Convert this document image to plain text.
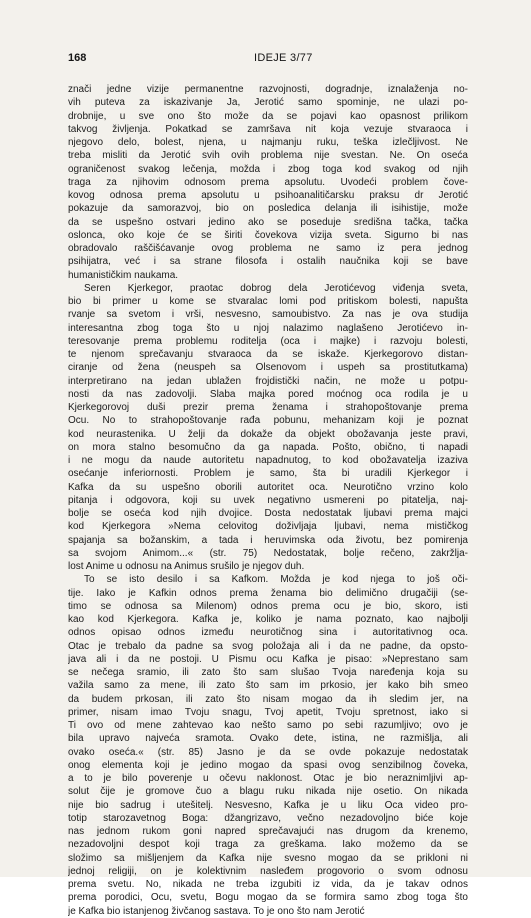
168	IDEJE 3/77
znači jedne vizije permanentne razvojnosti, dogradnje, iznalaženja no-
vih puteva za iskazivanje Ja, Jerotić samo spominje, ne ulazi po-
drobnije, u sve ono što može da se pojavi kao opasnost prilikom
takvog življenja. Pokatkad se zamršava nit koja vezuje stvaraoca i
njegovo delo, bolest, njena, u najmanju ruku, teška izlečljivost. Ne
treba misliti da Jerotić svih ovih problema nije svestan. Ne. On oseća
ograničenost svakog lečenja, možda i zbog toga kod svakog od njih
traga za njihovim odnosom prema apsolutu. Uvodeći problem čove-
kovog odnosa prema apsolutu u psihoanalitičarsku praksu dr Jerotić
pokazuje da samorazvoj, bio on posledica delanja ili isihistije, može
da se uspešno ostvari jedino ako se poseduje središna tačka, tačka
oslonca, oko koje će se širiti čovekova vizija sveta. Sigurno bi nas
obradovalo raščišćavanje ovog problema ne samo iz pera jednog
psihijatra, već i sa strane filosofa i ostalih naučnika koji se bave
humanističkim naukama.
Seren Kjerkegor, praotac dobrog dela Jerotićevog viđenja sveta,
bio bi primer u kome se stvaralac lomi pod pritiskom bolesti, napušta
rvanje sa svetom i vrši, nesvesno, samoubistvo. Za nas je ova studija
interesantna zbog toga što u njoj nalazimo naglašeno Jerotićevo in-
teresovanje prema problemu roditelja (oca i majke) i razvoju bolesti,
te njenom sprečavanju stvaraoca da se iskaže. Kjerkegorovo distan-
ciranje od žena (neuspeh sa Olsenovom i uspeh sa prostitutkama)
interpretirano na jedan ublažen frojdistički način, ne može u potpu-
nosti da nas zadovolji. Slaba majka pored moćnog oca rodila je u
Kjerkegorovoj duši prezir prema ženama i strahopoštovanje prema
Ocu. No to strahopoštovanje rađa pobunu, mehanizam koji je poznat
kod neurastenika. U želji da dokaže da objekt obožavanja jeste pravi,
on mora stalno besomučno da ga napada. Pošto, obično, ti napadi
i ne mogu da naude autoritetu napadnutog, to kod obožavatelja izaziva
osećanje inferiornosti. Problem je samo, šta bi uradili Kjerkegor i
Kafka da su uspešno oborili autoritet oca. Neurotično vrzino kolo
pitanja i odgovora, koji su uvek negativno usmereni po pitatelja, naj-
bolje se oseća kod njih dvojice. Dosta nedostatak ljubavi prema majci
kod Kjerkegora »Nema celovitog doživljaja ljubavi, nema mističkog
spajanja sa božanskim, a tada i heruvimska oda životu, bez pomirenja
sa svojom Animom...« (str. 75) Nedostatak, bolje rečeno, zakržlja-
lost Anime u odnosu na Animus srušilo je njegov duh.
To se isto desilo i sa Kafkom. Možda je kod njega to još oči-
tije. Iako je Kafkin odnos prema ženama bio delimično drugačiji (se-
timo se odnosa sa Milenom) odnos prema ocu je bio, skoro, isti
kao kod Kjerkegora. Kafka je, koliko je nama poznato, kao najbolji
odnos opisao odnos između neurotičnog sina i autoritativnog oca.
Otac je trebalo da padne sa svog položaja ali i da ne padne, da opsto-
java ali i da ne postoji. U Pismu ocu Kafka je pisao: »Neprestano sam
se nečega sramio, ili zato što sam slušao Tvoja naređenja koja su
važila samo za mene, ili zato što sam im prkosio, jer kako bih smeo
da budem prkosan, ili zato što nisam mogao da ih sledim jer, na
primer, nisam imao Tvoju snagu, Tvoj apetit, Tvoju spretnost, iako si
Ti ovo od mene zahtevao kao nešto samo po sebi razumljivo; ovo je
bila upravo najveća sramota. Ovako dete, istina, ne razmišlja, ali
ovako oseća.« (str. 85) Jasno je da se ovde pokazuje nedostatak
onog elementa koji je jedino mogao da spasi ovog senzibilnog čoveka,
a to je bilo poverenje u očevu naklonost. Otac je bio neraznimljivi ap-
solut čije je gromove čuo a blagu ruku nikada nije osetio. On nikada
nije bio sadrug i utešitelj. Nesvesno, Kafka je u liku Oca video pro-
totip starozavetnog Boga: džangrizavo, večno nezadovoljno biće koje
nas jednom rukom goni napred sprečavajući nas drugom da krenemo,
nezadovoljni despot koji traga za greškama. Iako možemo da se
složimo sa mišljenjem da Kafka nije svesno mogao da se prikloni ni
jednoj religiji, on je kolektivnim nasleđem progovorio o svom odnosu
prema svetu. No, nikada ne treba izgubiti iz vida, da je takav odnos
prema porodici, Ocu, svetu, Bogu mogao da se formira samo zbog toga što
je Kafka bio istanjenog živčanog sastava. To je ono što nam Jerotić
